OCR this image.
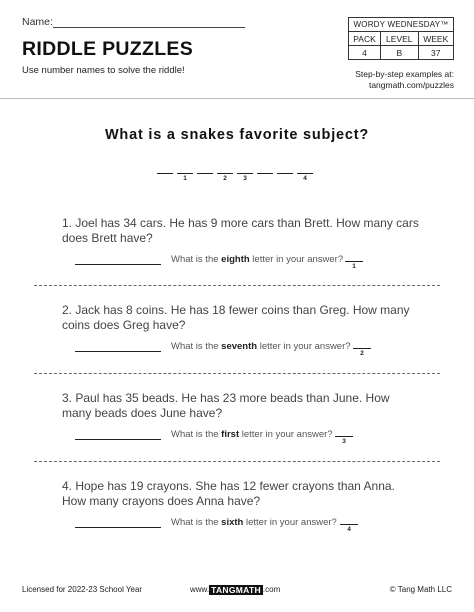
Name:
RIDDLE PUZZLES
Use number names to solve the riddle!
WORDY WEDNESDAY™		
PACK	LEVEL	WEEK
4	B	37
Step-by-step examples at:
tangmath.com/puzzles
What is a snakes favorite subject?
1	2	3	4
1. Joel has 34 cars. He has 9 more cars than Brett. How many cars does Brett have?
What is the eighth letter in your answer?
1
2. Jack has 8 coins. He has 18 fewer coins than Greg. How many coins does Greg have?
What is the seventh letter in your answer?
2
3. Paul has 35 beads. He has 23 more beads than June. How many beads does June have?
What is the first letter in your answer?
3
4. Hope has 19 crayons. She has 12 fewer crayons than Anna. How many crayons does Anna have?
What is the sixth letter in your answer?
4
Licensed for 2022-23 School Year	www. TANGMATH .com	© Tang Math LLC
